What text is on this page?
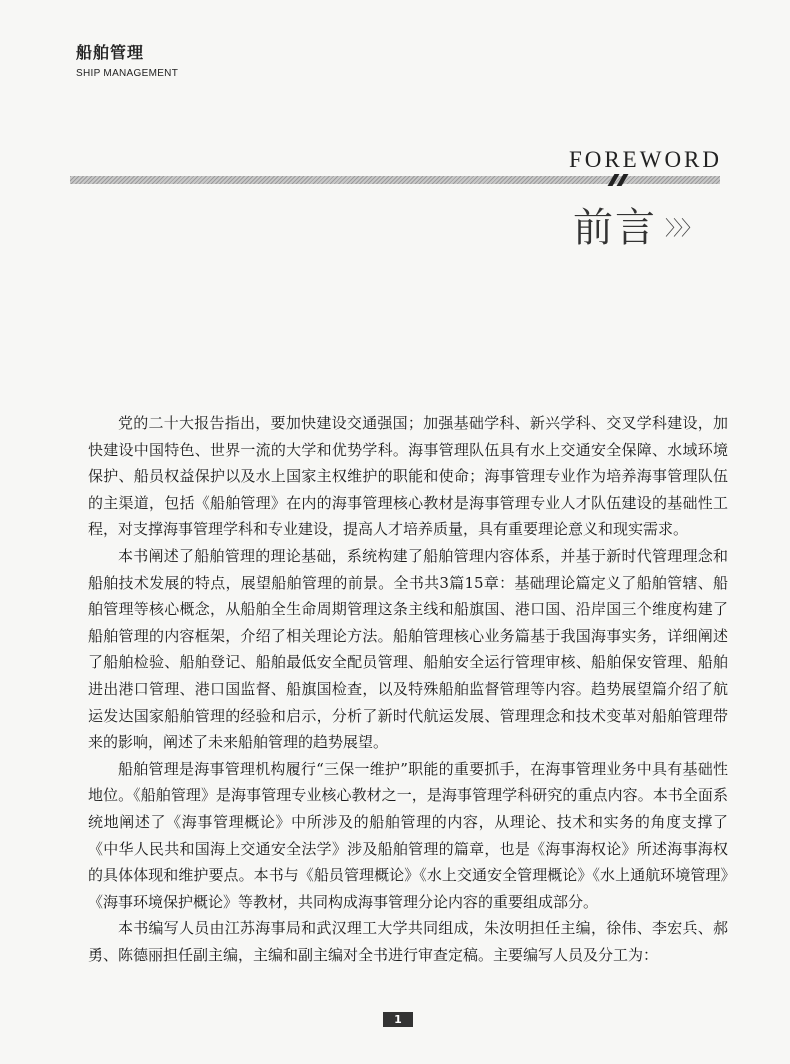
船舶管理
SHIP MANAGEMENT
FOREWORD
前言 〉〉〉

党的二十大报告指出，要加快建设交通强国；加强基础学科、新兴学科、交叉学科建设，加快建设中国特色、世界一流的大学和优势学科。海事管理队伍具有水上交通安全保障、水域环境保护、船员权益保护以及水上国家主权维护的职能和使命；海事管理专业作为培养海事管理队伍的主渠道，包括《船舶管理》在内的海事管理核心教材是海事管理专业人才队伍建设的基础性工程，对支撑海事管理学科和专业建设，提高人才培养质量，具有重要理论意义和现实需求。

本书阐述了船舶管理的理论基础，系统构建了船舶管理内容体系，并基于新时代管理理念和船舶技术发展的特点，展望船舶管理的前景。全书共3篇15章：基础理论篇定义了船舶管辖、船舶管理等核心概念，从船舶全生命周期管理这条主线和船旗国、港口国、沿岸国三个维度构建了船舶管理的内容框架，介绍了相关理论方法。船舶管理核心业务篇基于我国海事实务，详细阐述了船舶检验、船舶登记、船舶最低安全配员管理、船舶安全运行管理审核、船舶保安管理、船舶进出港口管理、港口国监督、船旗国检查，以及特殊船舶监督管理等内容。趋势展望篇介绍了航运发达国家船舶管理的经验和启示，分析了新时代航运发展、管理理念和技术变革对船舶管理带来的影响，阐述了未来船舶管理的趋势展望。

船舶管理是海事管理机构履行“三保一维护”职能的重要抓手，在海事管理业务中具有基础性地位。《船舶管理》是海事管理专业核心教材之一，是海事管理学科研究的重点内容。本书全面系统地阐述了《海事管理概论》中所涉及的船舶管理的内容，从理论、技术和实务的角度支撑了《中华人民共和国海上交通安全法学》涉及船舶管理的篇章，也是《海事海权论》所述海事海权的具体体现和维护要点。本书与《船员管理概论》《水上交通安全管理概论》《水上通航环境管理》《海事环境保护概论》等教材，共同构成海事管理分论内容的重要组成部分。

本书编写人员由江苏海事局和武汉理工大学共同组成，朱汝明担任主编，徐伟、李宏兵、郝勇、陈德丽担任副主编，主编和副主编对全书进行审查定稿。主要编写人员及分工为：

1
